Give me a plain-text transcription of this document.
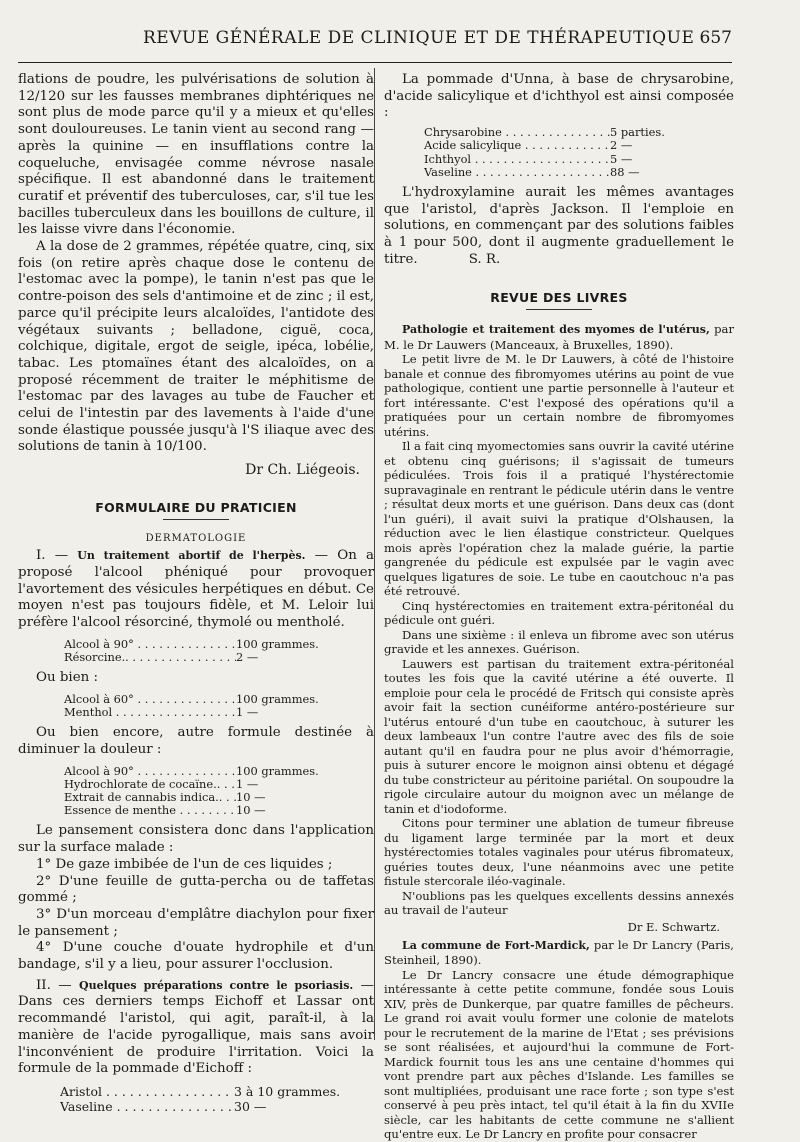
REVUE GÉNÉRALE DE CLINIQUE ET DE THÉRAPEUTIQUE 657

flations de poudre, les pulvérisations de solution à 12/120 sur les fausses membranes diphtériques ne sont plus de mode parce qu'il y a mieux et qu'elles sont douloureuses. Le tanin vient au second rang — après la quinine — en insufflations contre la coqueluche, envisagée comme névrose nasale spécifique. Il est abandonné dans le traitement curatif et préventif des tuberculoses, car, s'il tue les bacilles tuberculeux dans les bouillons de culture, il les laisse vivre dans l'économie.

A la dose de 2 grammes, répétée quatre, cinq, six fois (on retire après chaque dose le contenu de l'estomac avec la pompe), le tanin n'est pas que le contre-poison des sels d'antimoine et de zinc ; il est, parce qu'il précipite leurs alcaloïdes, l'antidote des végétaux suivants ; belladone, ciguë, coca, colchique, digitale, ergot de seigle, ipéca, lobélie, tabac. Les ptomaïnes étant des alcaloïdes, on a proposé récemment de traiter le méphitisme de l'estomac par des lavages au tube de Faucher et celui de l'intestin par des lavements à l'aide d'une sonde élastique poussée jusqu'à l'S iliaque avec des solutions de tanin à 10/100.

Dr Ch. Liégeois.
FORMULAIRE DU PRATICIEN
DERMATOLOGIE

I. — Un traitement abortif de l'herpès. — On a proposé l'alcool phéniqué pour provoquer l'avortement des vésicules herpétiques en début. Ce moyen n'est pas toujours fidèle, et M. Leloir lui préfère l'alcool résorciné, thymolé ou mentholé.

Alcool à 90° . . .	100 grammes.
Résorcine.. . . .	2 —

Ou bien :

Alcool à 60° . . .	100 grammes.
Menthol . . .	1 —

Ou bien encore, autre formule destinée à diminuer la douleur :

Alcool à 90° . . .	100 grammes.
Hydrochlorate de cocaïne.. . . .	1 —
Extrait de cannabis indica.. . . .	10 —
Essence de menthe . . .	10 —

Le pansement consistera donc dans l'application sur la surface malade :

1° De gaze imbibée de l'un de ces liquides ;

2° D'une feuille de gutta-percha ou de taffetas gommé ;

3° D'un morceau d'emplâtre diachylon pour fixer le pansement ;

4° D'une couche d'ouate hydrophile et d'un bandage, s'il y a lieu, pour assurer l'occlusion.

II. — Quelques préparations contre le psoriasis. — Dans ces derniers temps Eichoff et Lassar ont recommandé l'aristol, qui agit, paraît-il, à la manière de l'acide pyrogallique, mais sans avoir l'inconvénient de produire l'irritation. Voici la formule de la pommade d'Eichoff :

Aristol . . .	3 à 10 grammes.
Vaseline . . .	30 —

La pommade d'Unna, à base de chrysarobine, d'acide salicylique et d'ichthyol est ainsi composée :

Chrysarobine . . .	5 parties.
Acide salicylique . . .	2 —
Ichthyol . . .	5 —
Vaseline . . .	88 —

L'hydroxylamine aurait les mêmes avantages que l'aristol, d'après Jackson. Il l'emploie en solutions, en commençant par des solutions faibles à 1 pour 500, dont il augmente graduellement le titre.	S. R.

REVUE DES LIVRES

Pathologie et traitement des myomes de l'utérus, par M. le Dr Lauwers (Manceaux, à Bruxelles, 1890).

Le petit livre de M. le Dr Lauwers, à côté de l'histoire banale et connue des fibromyomes utérins au point de vue pathologique, contient une partie personnelle à l'auteur et fort intéressante. C'est l'exposé des opérations qu'il a pratiquées pour un certain nombre de fibromyomes utérins.

Il a fait cinq myomectomies sans ouvrir la cavité utérine et obtenu cinq guérisons; il s'agissait de tumeurs pédiculées. Trois fois il a pratiqué l'hystérectomie supravaginale en rentrant le pédicule utérin dans le ventre ; résultat deux morts et une guérison. Dans deux cas (dont l'un guéri), il avait suivi la pratique d'Olshausen, la réduction avec le lien élastique constricteur. Quelques mois après l'opération chez la malade guérie, la partie gangrenée du pédicule est expulsée par le vagin avec quelques ligatures de soie. Le tube en caoutchouc n'a pas été retrouvé.

Cinq hystérectomies en traitement extra-péritonéal du pédicule ont guéri.

Dans une sixième : il enleva un fibrome avec son utérus gravide et les annexes. Guérison.

Lauwers est partisan du traitement extra-péritonéal toutes les fois que la cavité utérine a été ouverte. Il emploie pour cela le procédé de Fritsch qui consiste après avoir fait la section cunéiforme antéro-postérieure sur l'utérus entouré d'un tube en caoutchouc, à suturer les deux lambeaux l'un contre l'autre avec des fils de soie autant qu'il en faudra pour ne plus avoir d'hémorragie, puis à suturer encore le moignon ainsi obtenu et dégagé du tube constricteur au péritoine pariétal. On soupoudre la rigole circulaire autour du moignon avec un mélange de tanin et d'iodoforme.

Citons pour terminer une ablation de tumeur fibreuse du ligament large terminée par la mort et deux hystérectomies totales vaginales pour utérus fibromateux, guéries toutes deux, l'une néanmoins avec une petite fistule stercorale iléo-vaginale.

N'oublions pas les quelques excellents dessins annexés au travail de l'auteur

Dr E. Schwartz.

La commune de Fort-Mardick, par le Dr Lancry (Paris, Steinheil, 1890).

Le Dr Lancry consacre une étude démographique intéressante à cette petite commune, fondée sous Louis XIV, près de Dunkerque, par quatre familles de pêcheurs. Le grand roi avait voulu former une colonie de matelots pour le recrutement de la marine de l'Etat ; ses prévisions se sont réalisées, et aujourd'hui la commune de Fort-Mardick fournit tous les ans une centaine d'hommes qui vont prendre part aux pêches d'Islande. Les familles se sont multipliées, produisant une race forte ; son type s'est conservé à peu près intact, tel qu'il était à la fin du XVIIe siècle, car les habitants de cette commune ne s'allient qu'entre eux. Le Dr Lancry en profite pour consacrer
